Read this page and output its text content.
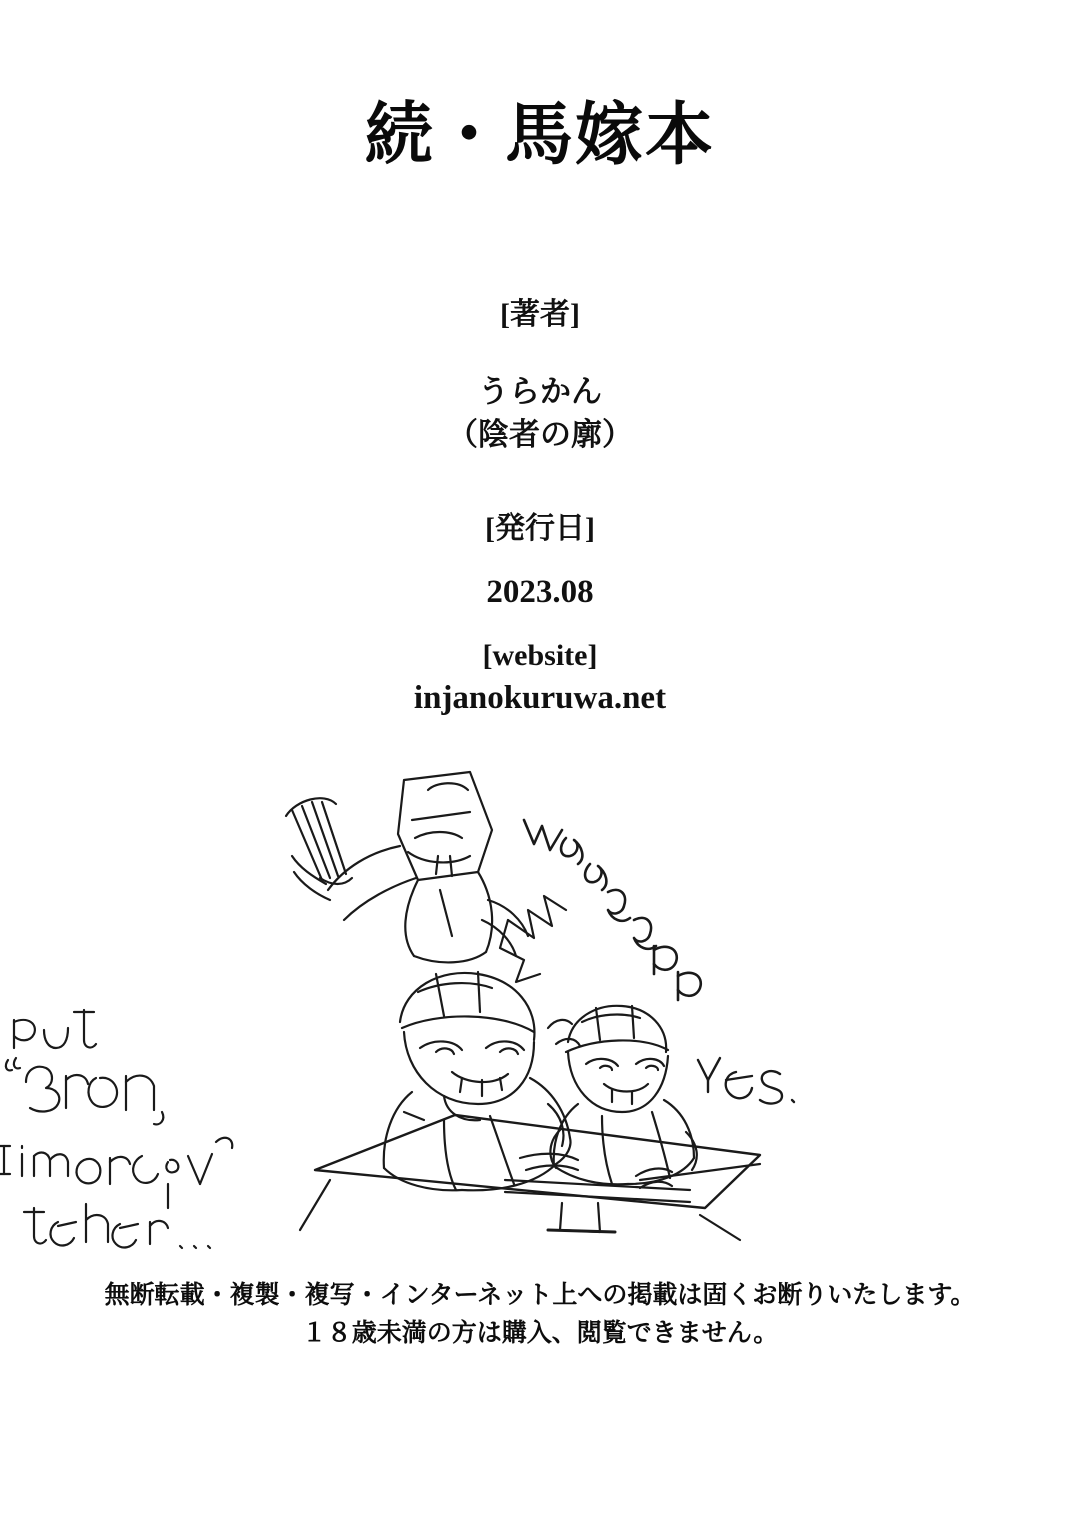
続・馬嫁本
[著者]
うらかん
（陰者の廓）
[発行日]
2023.08
[website]
injanokuruwa.net
無断転載・複製・複写・インターネット上への掲載は固くお断りいたします。
１８歳未満の方は購入、閲覧できません。
